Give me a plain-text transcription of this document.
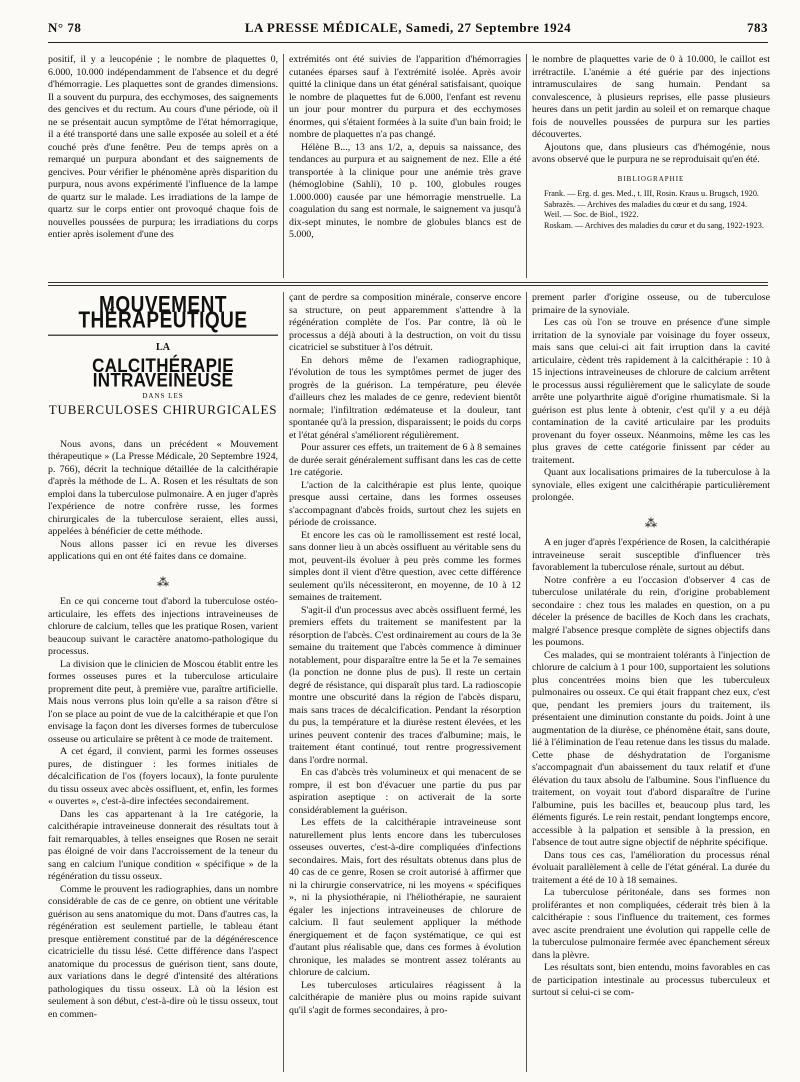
N° 78	LA PRESSE MÉDICALE, Samedi, 27 Septembre 1924	783

positif, il y a leucopénie ; le nombre de plaquettes 0, 6.000, 10.000 indépendamment de l'absence et du degré d'hémorragie. Les plaquettes sont de grandes dimensions. Il a souvent du purpura, des ecchymoses, des saignements des gencives et du rectum. Au cours d'une période, où il ne se présentait aucun symptôme de l'état hémorragique, il a été transporté dans une salle exposée au soleil et a été couché près d'une fenêtre. Peu de temps après on a remarqué un purpura abondant et des saignements de gencives. Pour vérifier le phénomène après disparition du purpura, nous avons expérimenté l'influence de la lampe de quartz sur le malade. Les irradiations de la lampe de quartz sur le corps entier ont provoqué chaque fois de nouvelles poussées de purpura; les irradiations du corps entier après isolement d'une des

extrémités ont été suivies de l'apparition d'hémorragies cutanées éparses sauf à l'extrémité isolée. Après avoir quitté la clinique dans un état général satisfaisant, quoique le nombre de plaquettes fut de 6.000, l'enfant est revenu un jour pour montrer du purpura et des ecchymoses énormes, qui s'étaient formées à la suite d'un bain froid; le nombre de plaquettes n'a pas changé.

Hélène B..., 13 ans 1/2, a, depuis sa naissance, des tendances au purpura et au saignement de nez. Elle a été transportée à la clinique pour une anémie très grave (hémoglobine (Sahli), 10 p. 100, globules rouges 1.000.000) causée par une hémorragie menstruelle. La coagulation du sang est normale, le saignement va jusqu'à dix-sept minutes, le nombre de globules blancs est de 5.000,

le nombre de plaquettes varie de 0 à 10.000, le caillot est irrétractile. L'anémie a été guérie par des injections intramusculaires de sang humain. Pendant sa convalescence, à plusieurs reprises, elle passe plusieurs heures dans un petit jardin au soleil et on remarque chaque fois de nouvelles poussées de purpura sur les parties découvertes.

Ajoutons que, dans plusieurs cas d'hémogénie, nous avons observé que le purpura ne se reproduisait qu'en été.

BIBLIOGRAPHIE

Frank. — Erg. d. ges. Med., t. III, Rosin. Kraus u. Brugsch, 1920.

Sabrazès. — Archives des maladies du cœur et du sang, 1924.

Weil. — Soc. de Biol., 1922.

Roskam. — Archives des maladies du cœur et du sang, 1922-1923.

MOUVEMENT THÉRAPEUTIQUE
LA
CALCITHÉRAPIE INTRAVEINEUSE
DANS LES
TUBERCULOSES CHIRURGICALES

Nous avons, dans un précédent « Mouvement thérapeutique » (La Presse Médicale, 20 Septembre 1924, p. 766), décrit la technique détaillée de la calcithérapie d'après la méthode de L. A. Rosen et les résultats de son emploi dans la tuberculose pulmonaire. A en juger d'après l'expérience de notre confrère russe, les formes chirurgicales de la tuberculose seraient, elles aussi, appelées à bénéficier de cette méthode.

Nous allons passer ici en revue les diverses applications qui en ont été faites dans ce domaine.

⁂

En ce qui concerne tout d'abord la tuberculose ostéo-articulaire, les effets des injections intraveineuses de chlorure de calcium, telles que les pratique Rosen, varient beaucoup suivant le caractère anatomo-pathologique du processus.

La division que le clinicien de Moscou établit entre les formes osseuses pures et la tuberculose articulaire proprement dite peut, à première vue, paraître artificielle. Mais nous verrons plus loin qu'elle a sa raison d'être si l'on se place au point de vue de la calcithérapie et que l'on envisage la façon dont les diverses formes de tuberculose osseuse ou articulaire se prêtent à ce mode de traitement.

A cet égard, il convient, parmi les formes osseuses pures, de distinguer : les formes initiales de décalcification de l'os (foyers locaux), la fonte purulente du tissu osseux avec abcès ossifluent, et, enfin, les formes « ouvertes », c'est-à-dire infectées secondairement.

Dans les cas appartenant à la 1re catégorie, la calcithérapie intraveineuse donnerait des résultats tout à fait remarquables, à telles enseignes que Rosen ne serait pas éloigné de voir dans l'accroissement de la teneur du sang en calcium l'unique condition « spécifique » de la régénération du tissu osseux.

Comme le prouvent les radiographies, dans un nombre considérable de cas de ce genre, on obtient une véritable guérison au sens anatomique du mot. Dans d'autres cas, la régénération est seulement partielle, le tableau étant presque entièrement constitué par de la dégénérescence cicatricielle du tissu lésé. Cette différence dans l'aspect anatomique du processus de guérison tient, sans doute, aux variations dans le degré d'intensité des altérations pathologiques du tissu osseux. Là où la lésion est seulement à son début, c'est-à-dire où le tissu osseux, tout en commen-

çant de perdre sa composition minérale, conserve encore sa structure, on peut apparemment s'attendre à la régénération complète de l'os. Par contre, là où le processus a déjà abouti à la destruction, on voit du tissu cicatriciel se substituer à l'os détruit.

En dehors même de l'examen radiographique, l'évolution de tous les symptômes permet de juger des progrès de la guérison. La température, peu élevée d'ailleurs chez les malades de ce genre, redevient bientôt normale; l'infiltration œdémateuse et la douleur, tant spontanée qu'à la pression, disparaissent; le poids du corps et l'état général s'améliorent régulièrement.

Pour assurer ces effets, un traitement de 6 à 8 semaines de durée serait généralement suffisant dans les cas de cette 1re catégorie.

L'action de la calcithérapie est plus lente, quoique presque aussi certaine, dans les formes osseuses s'accompagnant d'abcès froids, surtout chez les sujets en période de croissance.

Et encore les cas où le ramollissement est resté local, sans donner lieu à un abcès ossifluent au véritable sens du mot, peuvent-ils évoluer à peu près comme les formes simples dont il vient d'être question, avec cette différence seulement qu'ils nécessiteront, en moyenne, de 10 à 12 semaines de traitement.

S'agit-il d'un processus avec abcès ossifluent fermé, les premiers effets du traitement se manifestent par la résorption de l'abcès. C'est ordinairement au cours de la 3e semaine du traitement que l'abcès commence à diminuer notablement, pour disparaître entre la 5e et la 7e semaines (la ponction ne donne plus de pus). Il reste un certain degré de résistance, qui disparaît plus tard. La radioscopie montre une obscurité dans la région de l'abcès disparu, mais sans traces de décalcification. Pendant la résorption du pus, la température et la diurèse restent élevées, et les urines peuvent contenir des traces d'albumine; mais, le traitement étant continué, tout rentre progressivement dans l'ordre normal.

En cas d'abcès très volumineux et qui menacent de se rompre, il est bon d'évacuer une partie du pus par aspiration aseptique : on activerait de la sorte considérablement la guérison.

Les effets de la calcithérapie intraveineuse sont naturellement plus lents encore dans les tuberculoses osseuses ouvertes, c'est-à-dire compliquées d'infections secondaires. Mais, fort des résultats obtenus dans plus de 40 cas de ce genre, Rosen se croit autorisé à affirmer que ni la chirurgie conservatrice, ni les moyens « spécifiques », ni la physiothérapie, ni l'héliothérapie, ne sauraient égaler les injections intraveineuses de chlorure de calcium. Il faut seulement appliquer la méthode énergiquement et de façon systématique, ce qui est d'autant plus réalisable que, dans ces formes à évolution chronique, les malades se montrent assez tolérants au chlorure de calcium.

Les tuberculoses articulaires réagissent à la calcithérapie de manière plus ou moins rapide suivant qu'il s'agit de formes secondaires, à pro-

prement parler d'origine osseuse, ou de tuberculose primaire de la synoviale.

Les cas où l'on se trouve en présence d'une simple irritation de la synoviale par voisinage du foyer osseux, mais sans que celui-ci ait fait irruption dans la cavité articulaire, cèdent très rapidement à la calcithérapie : 10 à 15 injections intraveineuses de chlorure de calcium arrêtent le processus aussi régulièrement que le salicylate de soude arrête une polyarthrite aiguë d'origine rhumatismale. Si la guérison est plus lente à obtenir, c'est qu'il y a eu déjà contamination de la cavité articulaire par les produits provenant du foyer osseux. Néanmoins, même les cas les plus graves de cette catégorie finissent par céder au traitement.

Quant aux localisations primaires de la tuberculose à la synoviale, elles exigent une calcithérapie particulièrement prolongée.

⁂

A en juger d'après l'expérience de Rosen, la calcithérapie intraveineuse serait susceptible d'influencer très favorablement la tuberculose rénale, surtout au début.

Notre confrère a eu l'occasion d'observer 4 cas de tuberculose unilatérale du rein, d'origine probablement secondaire : chez tous les malades en question, on a pu déceler la présence de bacilles de Koch dans les crachats, malgré l'absence presque complète de signes objectifs dans les poumons.

Ces malades, qui se montraient tolérants à l'injection de chlorure de calcium à 1 pour 100, supportaient les solutions plus concentrées moins bien que les tuberculeux pulmonaires ou osseux. Ce qui était frappant chez eux, c'est que, pendant les premiers jours du traitement, ils présentaient une diminution constante du poids. Joint à une augmentation de la diurèse, ce phénomène était, sans doute, lié à l'élimination de l'eau retenue dans les tissus du malade. Cette phase de déshydratation de l'organisme s'accompagnait d'un abaissement du taux relatif et d'une élévation du taux absolu de l'albumine. Sous l'influence du traitement, on voyait tout d'abord disparaître de l'urine l'albumine, puis les bacilles et, beaucoup plus tard, les éléments figurés. Le rein restait, pendant longtemps encore, accessible à la palpation et sensible à la pression, en l'absence de tout autre signe objectif de néphrite spécifique.

Dans tous ces cas, l'amélioration du processus rénal évoluait parallèlement à celle de l'état général. La durée du traitement a été de 10 à 18 semaines.

La tuberculose péritonéale, dans ses formes non proliférantes et non compliquées, céderait très bien à la calcithérapie : sous l'influence du traitement, ces formes avec ascite prendraient une évolution qui rappelle celle de la tuberculose pulmonaire fermée avec épanchement séreux dans la plèvre.

Les résultats sont, bien entendu, moins favorables en cas de participation intestinale au processus tuberculeux et surtout si celui-ci se com-
